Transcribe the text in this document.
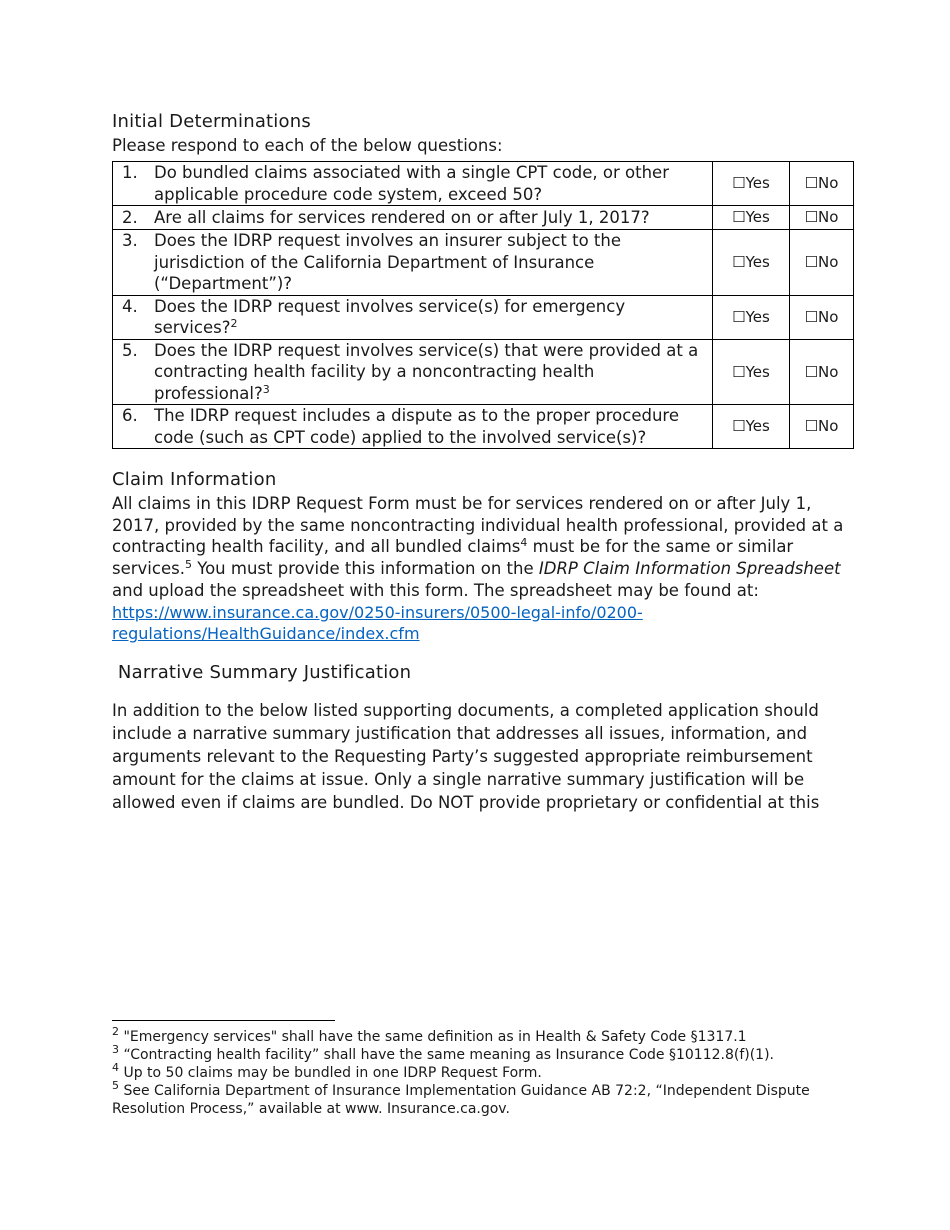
Initial Determinations
Please respond to each of the below questions:
1. Do bundled claims associated with a single CPT code, or other applicable procedure code system, exceed 50?	☐Yes	☐No

2. Are all claims for services rendered on or after July 1, 2017?	☐Yes	☐No

3. Does the IDRP request involves an insurer subject to the jurisdiction of the California Department of Insurance (“Department”)?	☐Yes	☐No

4. Does the IDRP request involves service(s) for emergency services?$^2$	☐Yes	☐No

5. Does the IDRP request involves service(s) that were provided at a contracting health facility by a noncontracting health professional?$^3$	☐Yes	☐No

6. The IDRP request includes a dispute as to the proper procedure code (such as CPT code) applied to the involved service(s)?	☐Yes	☐No
Claim Information
All claims in this IDRP Request Form must be for services rendered on or after July 1, 2017, provided by the same noncontracting individual health professional, provided at a contracting health facility, and all bundled claims$^4$ must be for the same or similar services.$^5$ You must provide this information on the IDRP Claim Information Spreadsheet and upload the spreadsheet with this form. The spreadsheet may be found at: https://www.insurance.ca.gov/0250-insurers/0500-legal-info/0200-regulations/HealthGuidance/index.cfm
Narrative Summary Justification
In addition to the below listed supporting documents, a completed application should include a narrative summary justification that addresses all issues, information, and arguments relevant to the Requesting Party’s suggested appropriate reimbursement amount for the claims at issue. Only a single narrative summary justification will be allowed even if claims are bundled. Do NOT provide proprietary or confidential at this
$^2$ "Emergency services" shall have the same definition as in Health & Safety Code §1317.1
$^3$ “Contracting health facility” shall have the same meaning as Insurance Code §10112.8(f)(1).
$^4$ Up to 50 claims may be bundled in one IDRP Request Form.
$^5$ See California Department of Insurance Implementation Guidance AB 72:2, “Independent Dispute Resolution Process,” available at www. Insurance.ca.gov.
